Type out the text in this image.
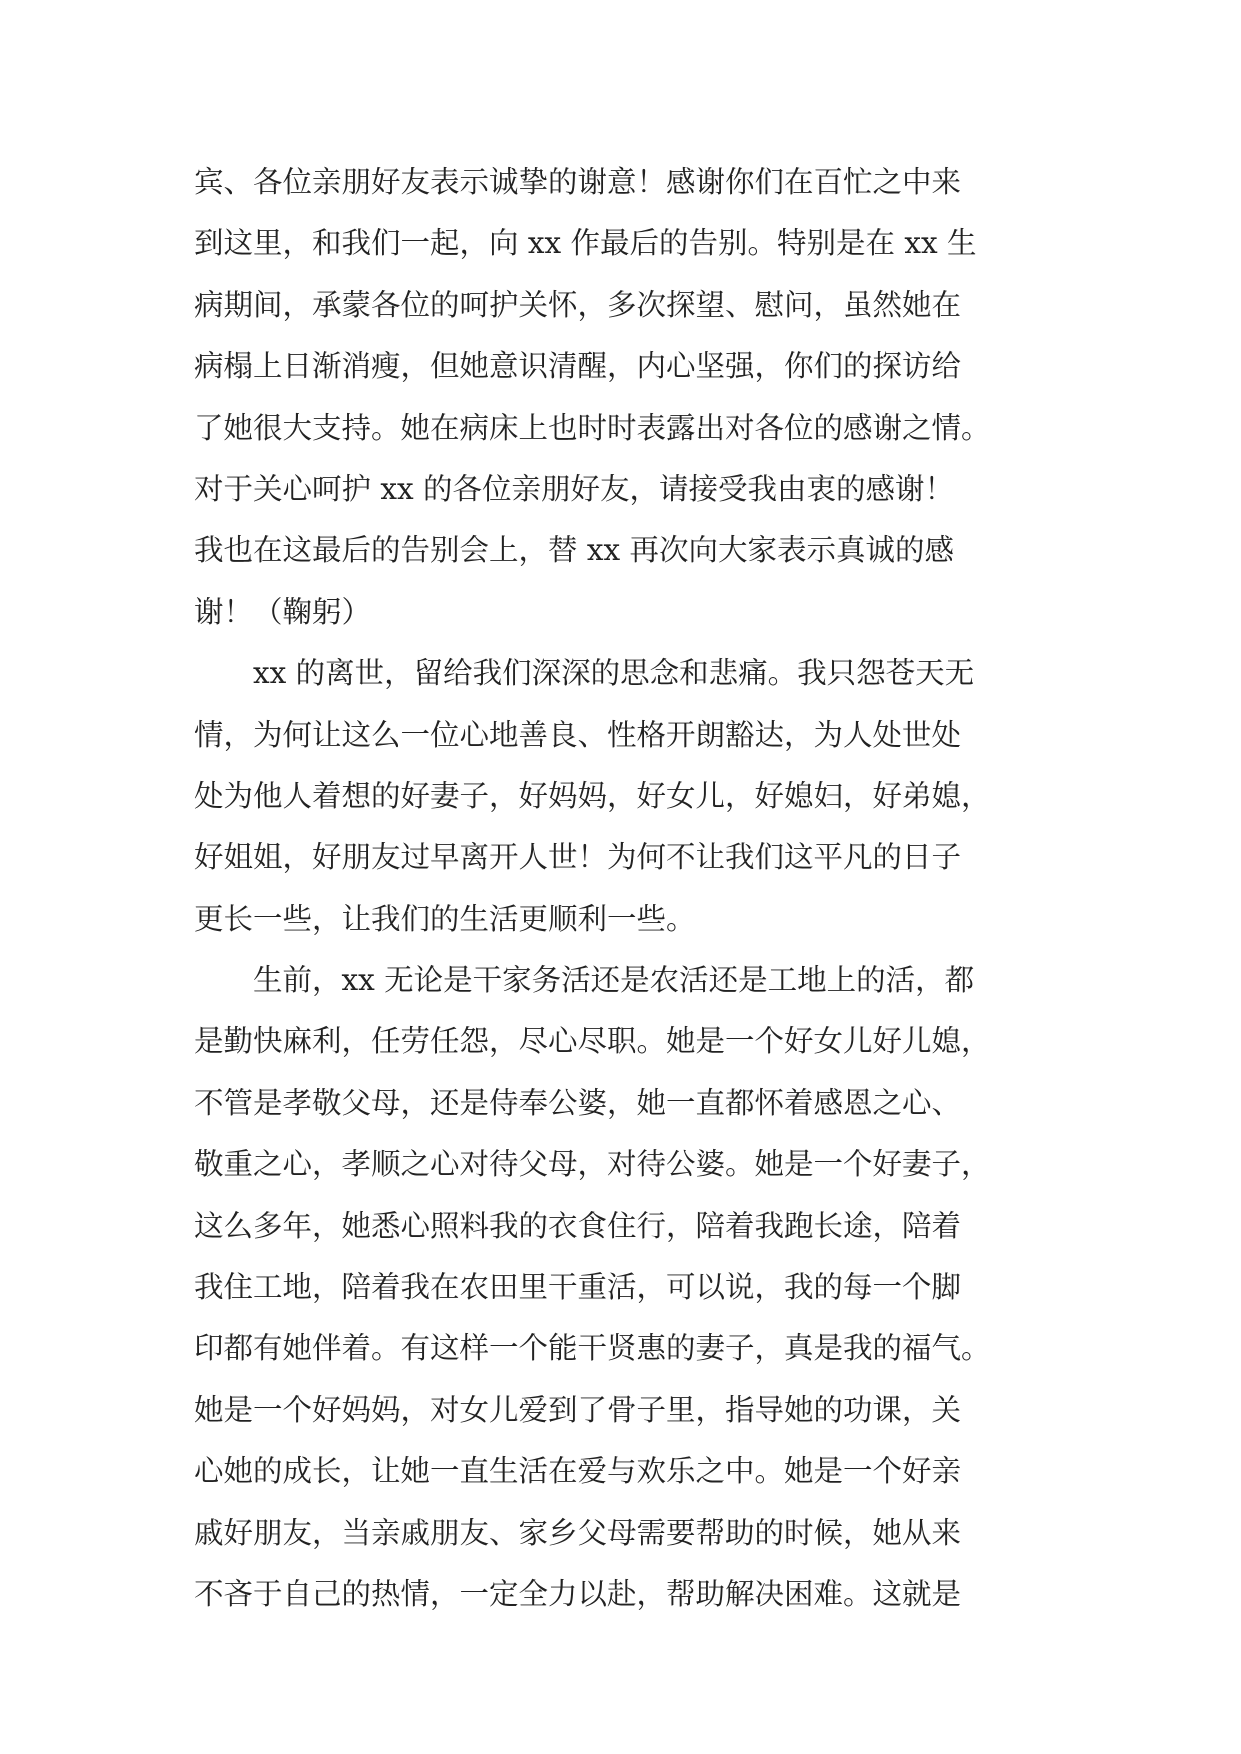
宾、各位亲朋好友表示诚挚的谢意！感谢你们在百忙之中来
到这里，和我们一起，向 xx 作最后的告别。特别是在 xx 生
病期间，承蒙各位的呵护关怀，多次探望、慰问，虽然她在
病榻上日渐消瘦，但她意识清醒，内心坚强，你们的探访给
了她很大支持。她在病床上也时时表露出对各位的感谢之情。
对于关心呵护 xx 的各位亲朋好友，请接受我由衷的感谢！
我也在这最后的告别会上，替 xx 再次向大家表示真诚的感
谢！（鞠躬）
　　xx 的离世，留给我们深深的思念和悲痛。我只怨苍天无
情，为何让这么一位心地善良、性格开朗豁达，为人处世处
处为他人着想的好妻子，好妈妈，好女儿，好媳妇，好弟媳，
好姐姐，好朋友过早离开人世！为何不让我们这平凡的日子
更长一些，让我们的生活更顺利一些。
　　生前，xx 无论是干家务活还是农活还是工地上的活，都
是勤快麻利，任劳任怨，尽心尽职。她是一个好女儿好儿媳，
不管是孝敬父母，还是侍奉公婆，她一直都怀着感恩之心、
敬重之心，孝顺之心对待父母，对待公婆。她是一个好妻子，
这么多年，她悉心照料我的衣食住行，陪着我跑长途，陪着
我住工地，陪着我在农田里干重活，可以说，我的每一个脚
印都有她伴着。有这样一个能干贤惠的妻子，真是我的福气。
她是一个好妈妈，对女儿爱到了骨子里，指导她的功课，关
心她的成长，让她一直生活在爱与欢乐之中。她是一个好亲
戚好朋友，当亲戚朋友、家乡父母需要帮助的时候，她从来
不吝于自己的热情，一定全力以赴，帮助解决困难。这就是
